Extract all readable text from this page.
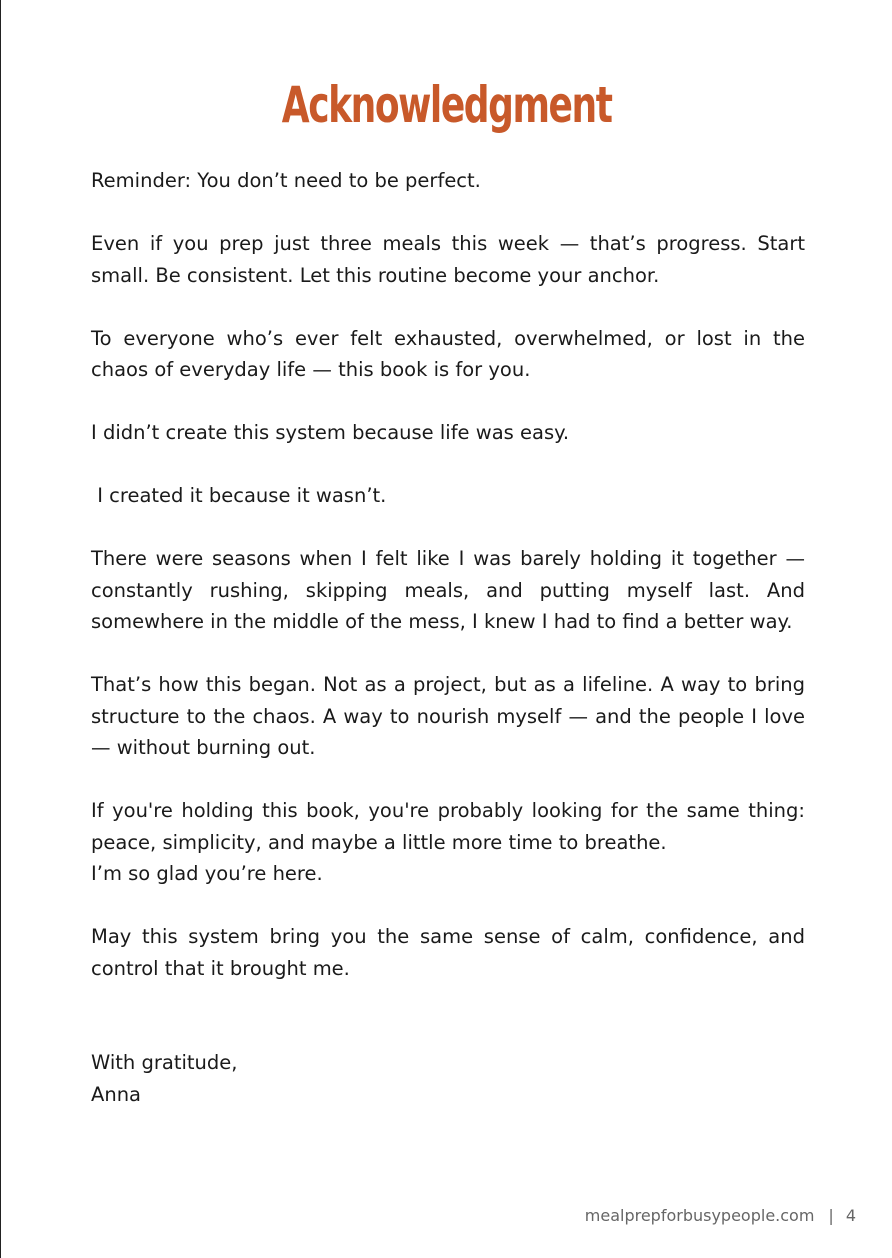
Acknowledgment

Reminder: You don’t need to be perfect.

Even if you prep just three meals this week — that’s progress. Start small. Be consistent. Let this routine become your anchor.

To everyone who’s ever felt exhausted, overwhelmed, or lost in the chaos of everyday life — this book is for you.

I didn’t create this system because life was easy.

I created it because it wasn’t.

There were seasons when I felt like I was barely holding it together — constantly rushing, skipping meals, and putting myself last. And somewhere in the middle of the mess, I knew I had to find a better way.

That’s how this began. Not as a project, but as a lifeline. A way to bring structure to the chaos. A way to nourish myself — and the people I love — without burning out.

If you're holding this book, you're probably looking for the same thing: peace, simplicity, and maybe a little more time to breathe.
I’m so glad you’re here.

May this system bring you the same sense of calm, confidence, and control that it brought me.

With gratitude,

Anna

mealprepforbusypeople.com | 4
